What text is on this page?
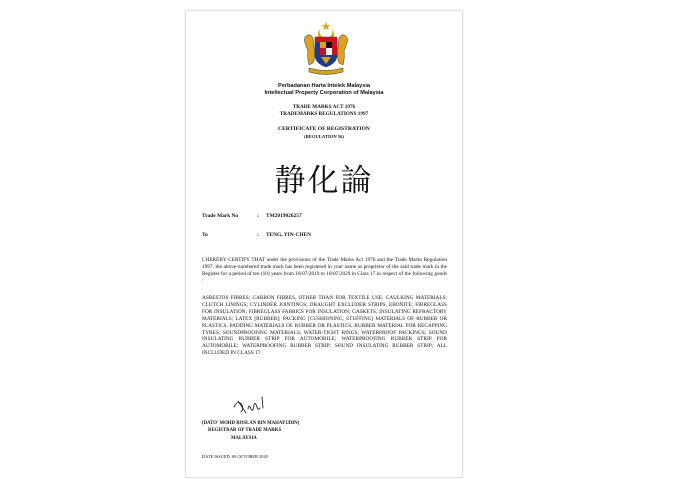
Perbadanan Harta Intelek Malaysia
Intellectual Property Corporation of Malaysia
TRADE MARKS ACT 1976
TRADEMARKS REGULATIONS 1997
CERTIFICATE OF REGISTRATION
(REGULATION 56)
静化論
Trade Mark No	: TM2019026257
To	: TENG, YIN-CHEN
I HEREBY CERTIFY THAT under the provisions of the Trade Marks Act 1976 and the Trade Marks Regulation 1997, the above-numbered trade mark has been registered in your name as proprietor of the said trade mark in the Register for a period of ten (10) years from 18/07/2019 to 18/07/2029 in Class 17 in respect of the following goods :
ASBESTOS FIBRES; CARBON FIBRES, OTHER THAN FOR TEXTILE USE; CAULKING MATERIALS; CLUTCH LININGS; CYLINDER JOINTINGS; DRAUGHT EXCLUDER STRIPS; EBONITE; FIBREGLASS FOR INSULATION; FIBREGLASS FABRICS FOR INSULATION; GASKETS; INSULATING REFRACTORY MATERIALS; LATEX [RUBBER]; PACKING [CUSHIONING, STUFFING] MATERIALS OF RUBBER OR PLASTICS; PADDING MATERIALS OF RUBBER OR PLASTICS; RUBBER MATERIAL FOR RECAPPING TYRES; SOUNDPROOFING MATERIALS; WATER-TIGHT RINGS; WATERPROOF PACKINGS; SOUND INSULATING RUBBER STRIP FOR AUTOMOBILE; WATERPROOFING RUBBER STRIP FOR AUTOMOBILE; WATERPROOFING RUBBER STRIP; SOUND INSULATING RUBBER STRIP; ALL INCLUDED IN CLASS 17.
(DATO' MOHD ROSLAN BIN MAHAYUDIN)
REGISTRAR OF TRADE MARKS
MALAYSIA
DATE ISSUED: 08 OCTOBER 2020
